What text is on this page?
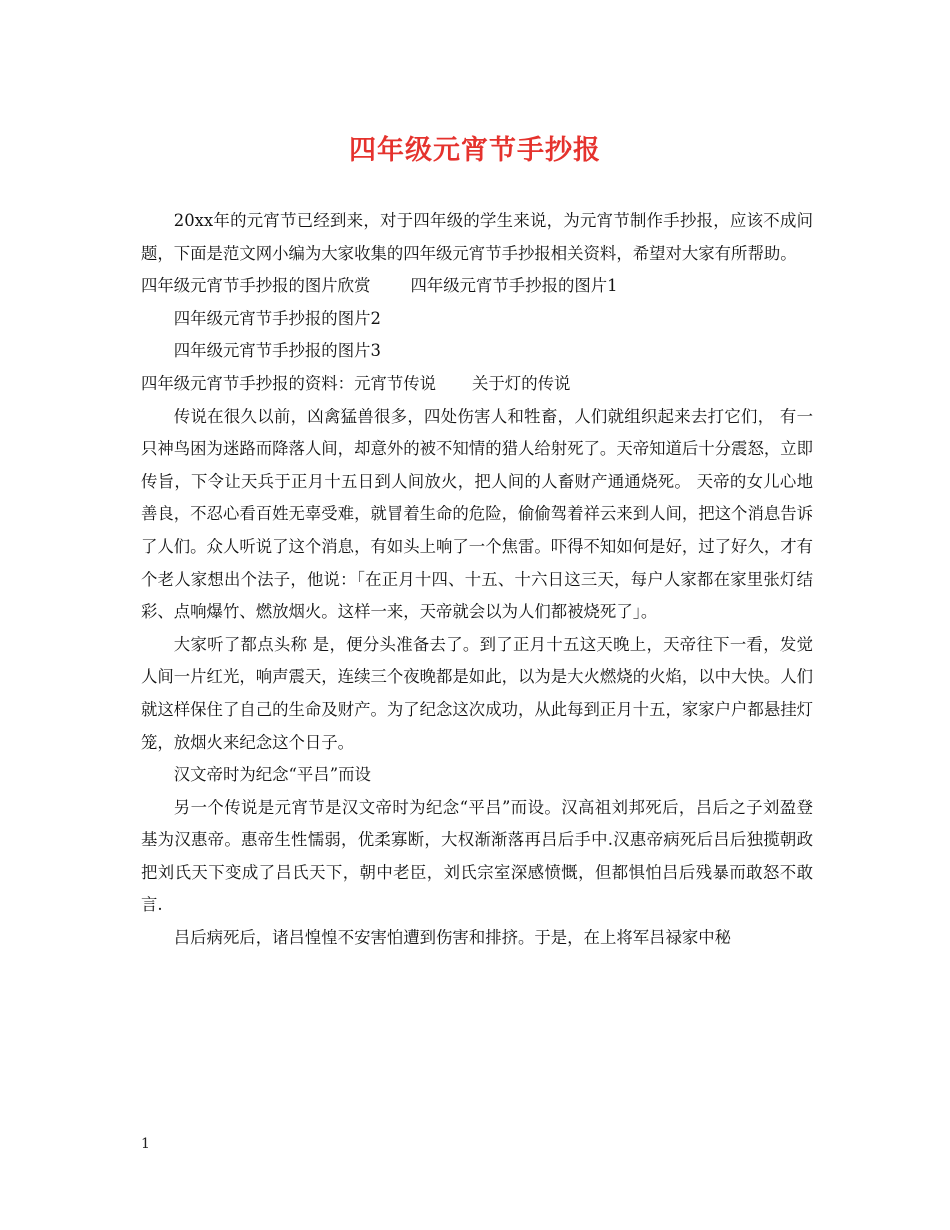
四年级元宵节手抄报

20xx年的元宵节已经到来，对于四年级的学生来说，为元宵节制作手抄报，应该不成问题，下面是范文网小编为大家收集的四年级元宵节手抄报相关资料，希望对大家有所帮助。

四年级元宵节手抄报的图片欣赏 四年级元宵节手抄报的图片1

四年级元宵节手抄报的图片2

四年级元宵节手抄报的图片3

四年级元宵节手抄报的资料：元宵节传说 关于灯的传说

传说在很久以前，凶禽猛兽很多，四处伤害人和牲畜，人们就组织起来去打它们， 有一只神鸟困为迷路而降落人间，却意外的被不知情的猎人给射死了。天帝知道后十分震怒，立即传旨，下令让天兵于正月十五日到人间放火，把人间的人畜财产通通烧死。 天帝的女儿心地善良，不忍心看百姓无辜受难，就冒着生命的危险，偷偷驾着祥云来到人间，把这个消息告诉了人们。众人听说了这个消息，有如头上响了一个焦雷。吓得不知如何是好，过了好久，才有个老人家想出个法子，他说：「在正月十四、十五、十六日这三天，每户人家都在家里张灯结彩、点响爆竹、燃放烟火。这样一来，天帝就会以为人们都被烧死了」。

大家听了都点头称 是，便分头准备去了。到了正月十五这天晚上，天帝往下一看，发觉人间一片红光，响声震天，连续三个夜晚都是如此，以为是大火燃烧的火焰，以中大快。人们就这样保住了自己的生命及财产。为了纪念这次成功，从此每到正月十五，家家户户都悬挂灯笼，放烟火来纪念这个日子。

汉文帝时为纪念“平吕”而设

另一个传说是元宵节是汉文帝时为纪念“平吕”而设。汉高祖刘邦死后，吕后之子刘盈登基为汉惠帝。惠帝生性懦弱，优柔寡断，大权渐渐落再吕后手中.汉惠帝病死后吕后独揽朝政把刘氏天下变成了吕氏天下，朝中老臣，刘氏宗室深感愤慨，但都惧怕吕后残暴而敢怒不敢言.

吕后病死后，诸吕惶惶不安害怕遭到伤害和排挤。于是，在上将军吕禄家中秘

1
